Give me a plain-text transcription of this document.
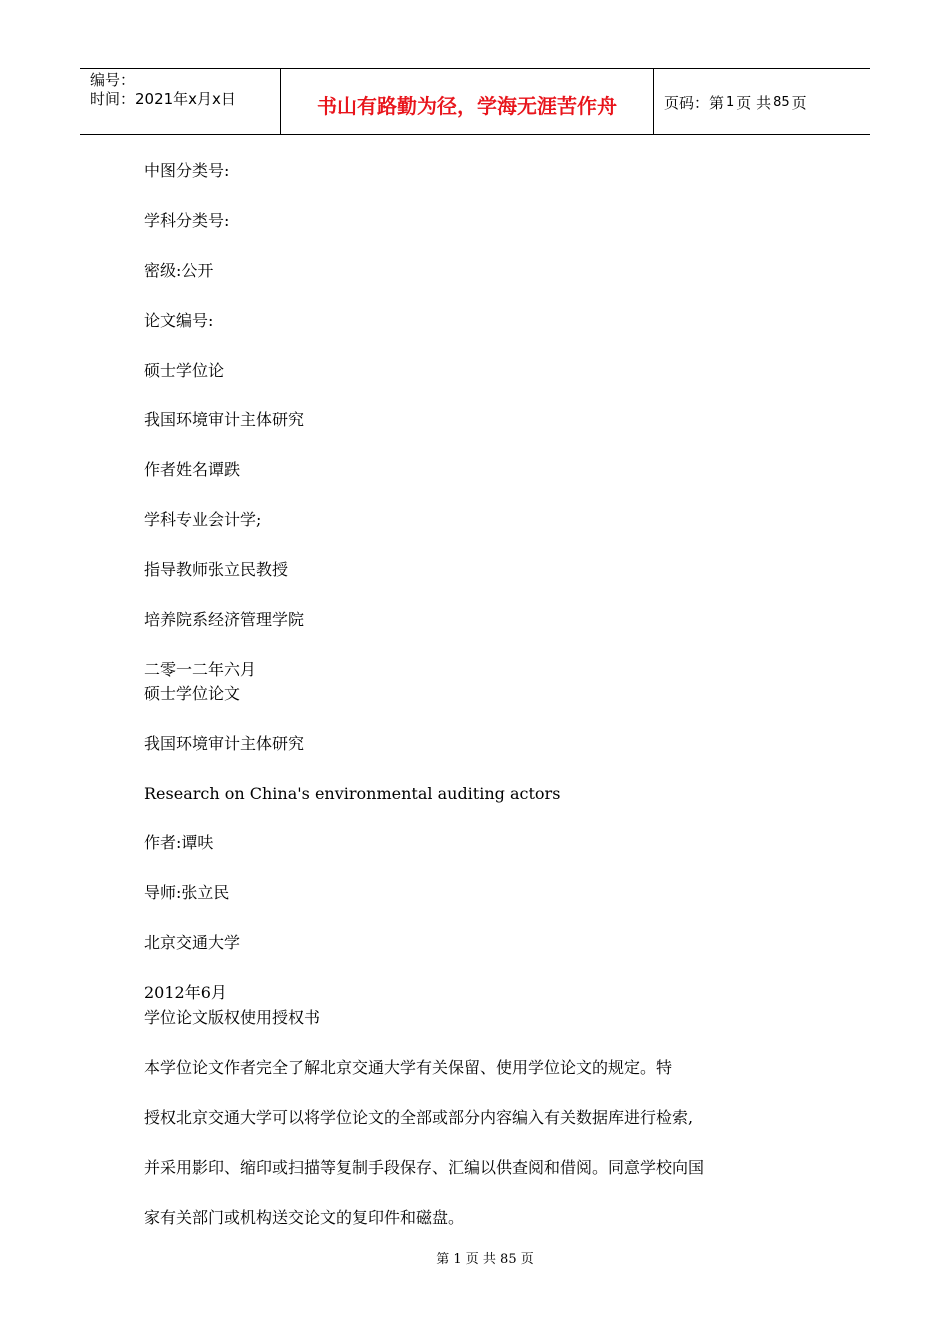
编号：
时间：2021年x月x日	书山有路勤为径，学海无涯苦作舟	页码：第 1 页 共 85 页
中图分类号:
学科分类号:
密级:公开
论文编号:
硕士学位论
我国环境审计主体研究
作者姓名谭跌
学科专业会计学;
指导教师张立民教授
培养院系经济管理学院
二零一二年六月
硕士学位论文
我国环境审计主体研究
Research on China's environmental auditing actors
作者:谭呋
导师:张立民
北京交通大学
2012年6月
学位论文版权使用授权书
本学位论文作者完全了解北京交通大学有关保留、使用学位论文的规定。特
授权北京交通大学可以将学位论文的全部或部分内容编入有关数据库进行检索,
并采用影印、缩印或扫描等复制手段保存、汇编以供查阅和借阅。同意学校向国
家有关部门或机构送交论文的复印件和磁盘。
第 1 页 共 85 页
